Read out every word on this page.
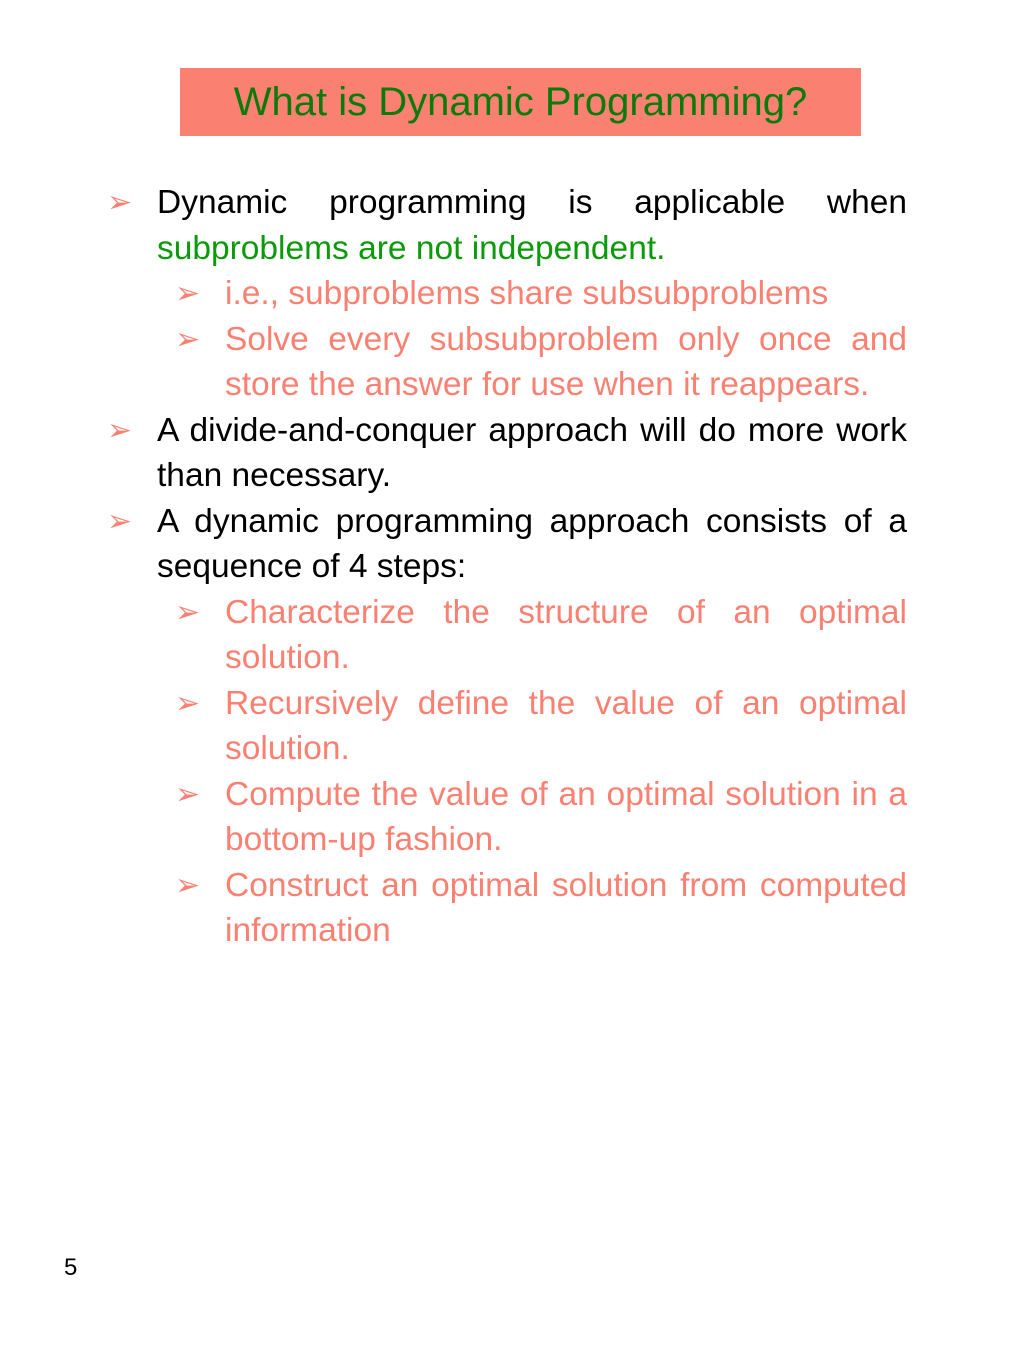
What is Dynamic Programming?
➢ Dynamic programming is applicable when subproblems are not independent.
➢ i.e., subproblems share subsubproblems
➢ Solve every subsubproblem only once and store the answer for use when it reappears.
➢ A divide-and-conquer approach will do more work than necessary.
➢ A dynamic programming approach consists of a sequence of 4 steps:
➢ Characterize the structure of an optimal solution.
➢ Recursively define the value of an optimal solution.
➢ Compute the value of an optimal solution in a bottom-up fashion.
➢ Construct an optimal solution from computed information
5
